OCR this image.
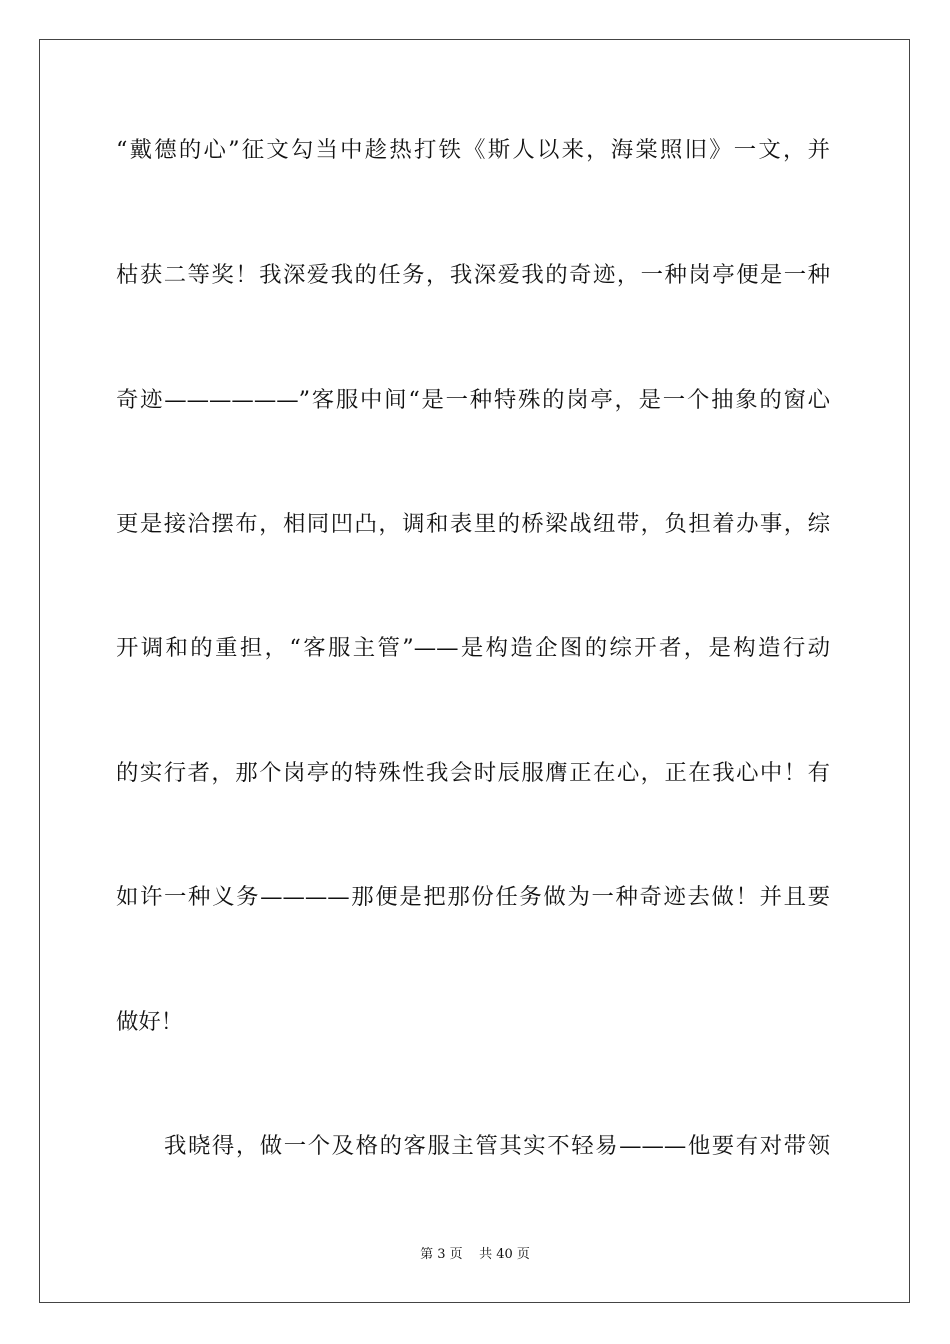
“戴德的心”征文勾当中趁热打铁《斯人以来，海棠照旧》一文，并
枯获二等奖！我深爱我的任务，我深爱我的奇迹，一种岗亭便是一种
奇迹——————”客服中间“是一种特殊的岗亭，是一个抽象的窗心
更是接洽摆布，相同凹凸，调和表里的桥梁战纽带，负担着办事，综
开调和的重担，“客服主管”——是构造企图的综开者，是构造行动
的实行者，那个岗亭的特殊性我会时辰服膺正在心，正在我心中！有
如许一种义务————那便是把那份任务做为一种奇迹去做！并且要
做好！
我晓得，做一个及格的客服主管其实不轻易———他要有对带领
第 3 页    共 40 页
